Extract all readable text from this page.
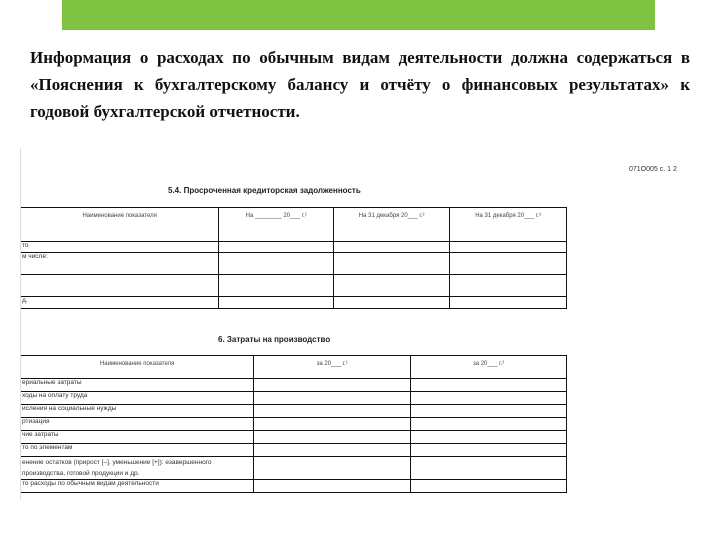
Информация о расходах по обычным видам деятельности должна содержаться в «Пояснения к бухгалтерскому балансу и отчёту о финансовых результатах» к годовой бухгалтерской отчетности.
071О005 с. 1 2
5.4. Просроченная кредиторская задолженность
Наименование показателя	На ________ 20___ г.¹	На 31 декабря 20___ г.²	На 31 декабря 20___ г.³
то			
м числе:			

д.			
6. Затраты на производство
Наименование показателя	за 20___ г.¹	за 20___ г.²
ериальные затраты		
ходы на оплату труда		
исления на социальные нужды		
ртизация		
чие затраты		
то по элементам		
енение остатков (прирост [–], уменьшение [+]): езавершенного производства, готовой продукции и др.		
то расходы по обычным видам деятельности		
